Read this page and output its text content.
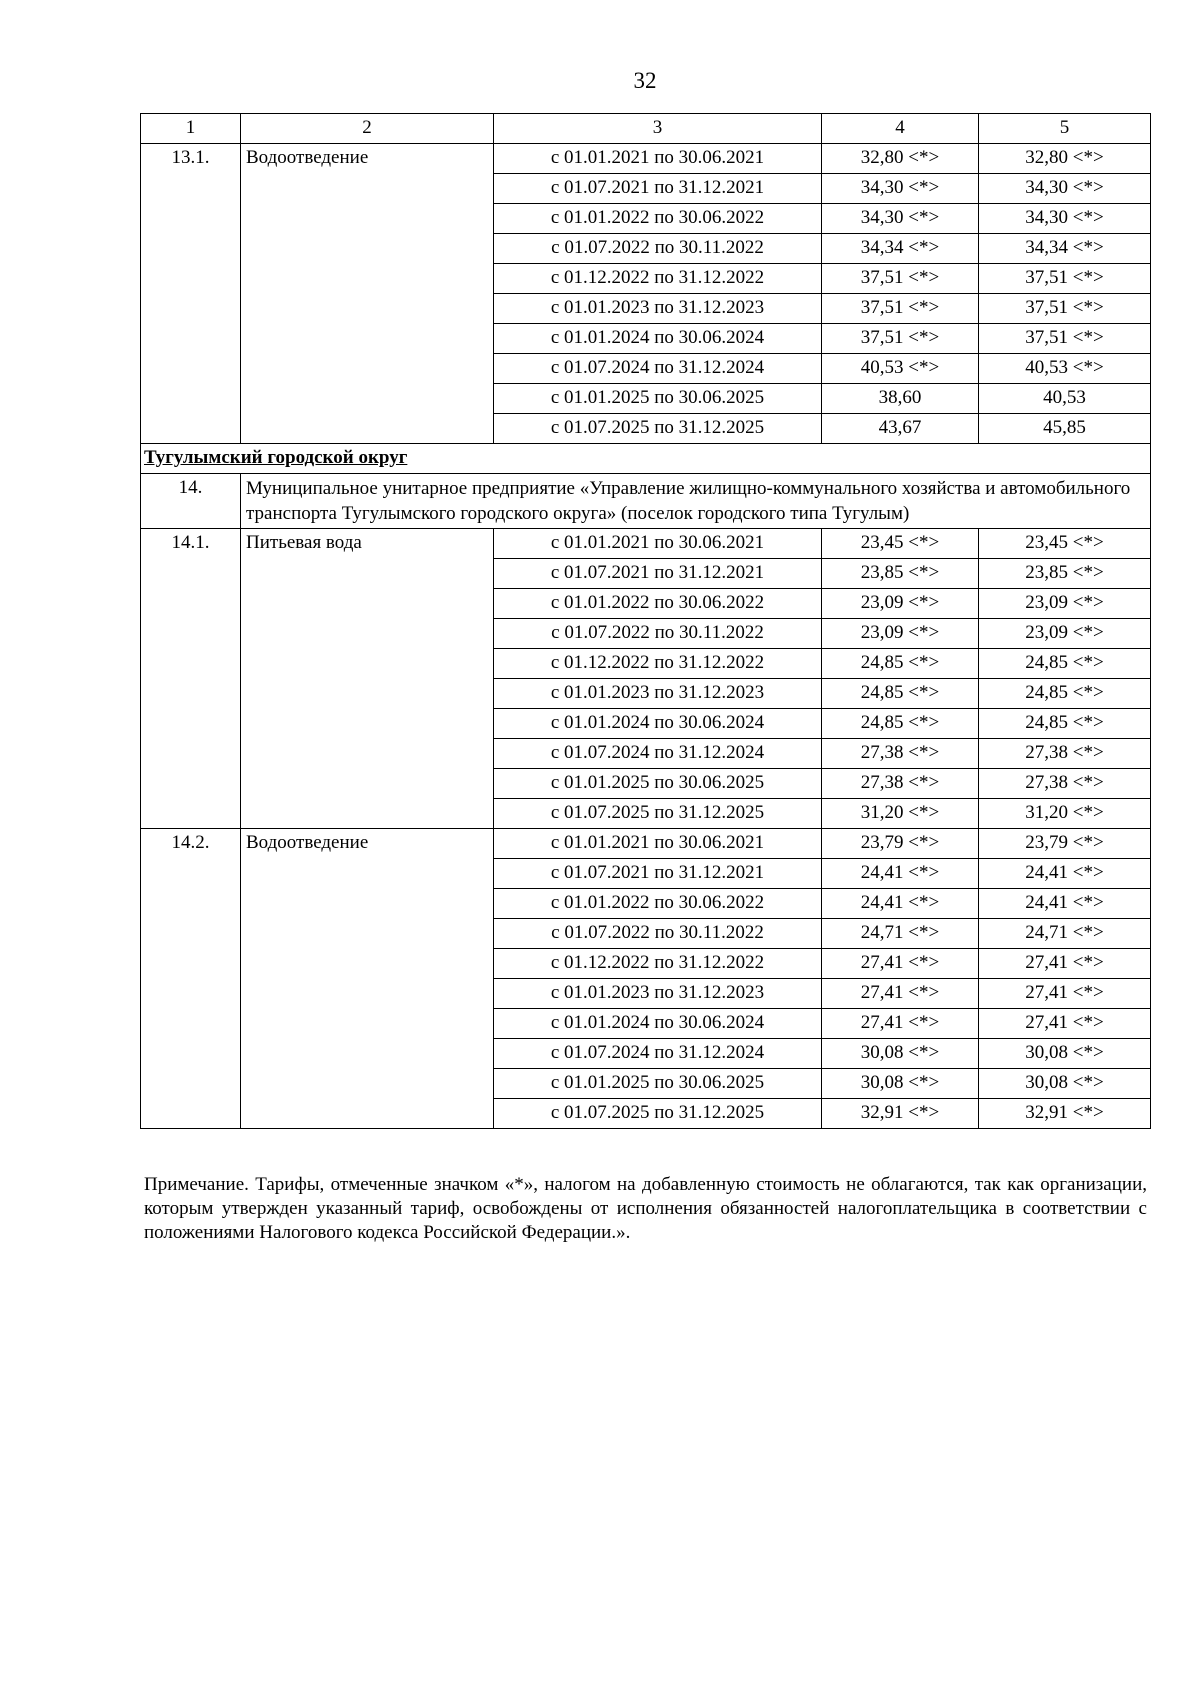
32
1	2	3	4	5
13.1.	Водоотведение	с 01.01.2021 по 30.06.2021	32,80 <*>	32,80 <*>
		с 01.07.2021 по 31.12.2021	34,30 <*>	34,30 <*>
		с 01.01.2022 по 30.06.2022	34,30 <*>	34,30 <*>
		с 01.07.2022 по 30.11.2022	34,34 <*>	34,34 <*>
		с 01.12.2022 по 31.12.2022	37,51 <*>	37,51 <*>
		с 01.01.2023 по 31.12.2023	37,51 <*>	37,51 <*>
		с 01.01.2024 по 30.06.2024	37,51 <*>	37,51 <*>
		с 01.07.2024 по 31.12.2024	40,53 <*>	40,53 <*>
		с 01.01.2025 по 30.06.2025	38,60	40,53
		с 01.07.2025 по 31.12.2025	43,67	45,85
Тугулымский городской округ				
14.	Муниципальное унитарное предприятие «Управление жилищно-коммунального хозяйства и автомобильного транспорта Тугулымского городского округа» (поселок городского типа Тугулым)			
14.1.	Питьевая вода	с 01.01.2021 по 30.06.2021	23,45 <*>	23,45 <*>
		с 01.07.2021 по 31.12.2021	23,85 <*>	23,85 <*>
		с 01.01.2022 по 30.06.2022	23,09 <*>	23,09 <*>
		с 01.07.2022 по 30.11.2022	23,09 <*>	23,09 <*>
		с 01.12.2022 по 31.12.2022	24,85 <*>	24,85 <*>
		с 01.01.2023 по 31.12.2023	24,85 <*>	24,85 <*>
		с 01.01.2024 по 30.06.2024	24,85 <*>	24,85 <*>
		с 01.07.2024 по 31.12.2024	27,38 <*>	27,38 <*>
		с 01.01.2025 по 30.06.2025	27,38 <*>	27,38 <*>
		с 01.07.2025 по 31.12.2025	31,20 <*>	31,20 <*>
14.2.	Водоотведение	с 01.01.2021 по 30.06.2021	23,79 <*>	23,79 <*>
		с 01.07.2021 по 31.12.2021	24,41 <*>	24,41 <*>
		с 01.01.2022 по 30.06.2022	24,41 <*>	24,41 <*>
		с 01.07.2022 по 30.11.2022	24,71 <*>	24,71 <*>
		с 01.12.2022 по 31.12.2022	27,41 <*>	27,41 <*>
		с 01.01.2023 по 31.12.2023	27,41 <*>	27,41 <*>
		с 01.01.2024 по 30.06.2024	27,41 <*>	27,41 <*>
		с 01.07.2024 по 31.12.2024	30,08 <*>	30,08 <*>
		с 01.01.2025 по 30.06.2025	30,08 <*>	30,08 <*>
		с 01.07.2025 по 31.12.2025	32,91 <*>	32,91 <*>
Примечание. Тарифы, отмеченные значком «*», налогом на добавленную стоимость не облагаются, так как организации, которым утвержден указанный тариф, освобождены от исполнения обязанностей налогоплательщика в соответствии с положениями Налогового кодекса Российской Федерации.».
